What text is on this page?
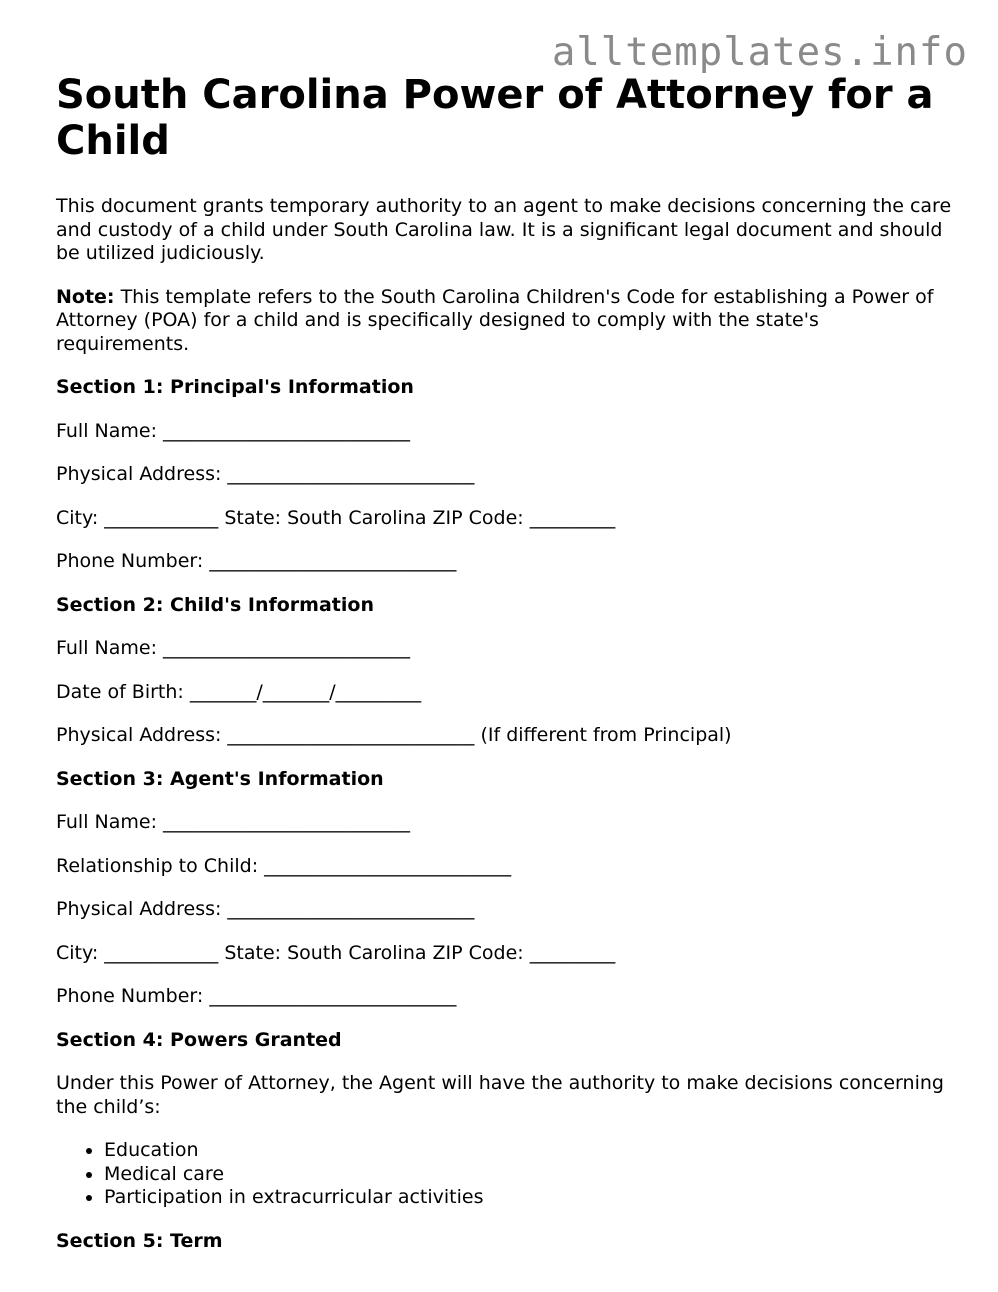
alltemplates.info
South Carolina Power of Attorney for a Child

This document grants temporary authority to an agent to make decisions concerning the care and custody of a child under South Carolina law. It is a significant legal document and should be utilized judiciously.

Note: This template refers to the South Carolina Children's Code for establishing a Power of Attorney (POA) for a child and is specifically designed to comply with the state's requirements.

Section 1: Principal's Information

Full Name: __________________________

Physical Address: __________________________

City: ____________ State: South Carolina ZIP Code: _________

Phone Number: __________________________

Section 2: Child's Information

Full Name: __________________________

Date of Birth: _______/_______/_________

Physical Address: __________________________ (If different from Principal)

Section 3: Agent's Information

Full Name: __________________________

Relationship to Child: __________________________

Physical Address: __________________________

City: ____________ State: South Carolina ZIP Code: _________

Phone Number: __________________________

Section 4: Powers Granted

Under this Power of Attorney, the Agent will have the authority to make decisions concerning the child’s:

• Education
• Medical care
• Participation in extracurricular activities

Section 5: Term
